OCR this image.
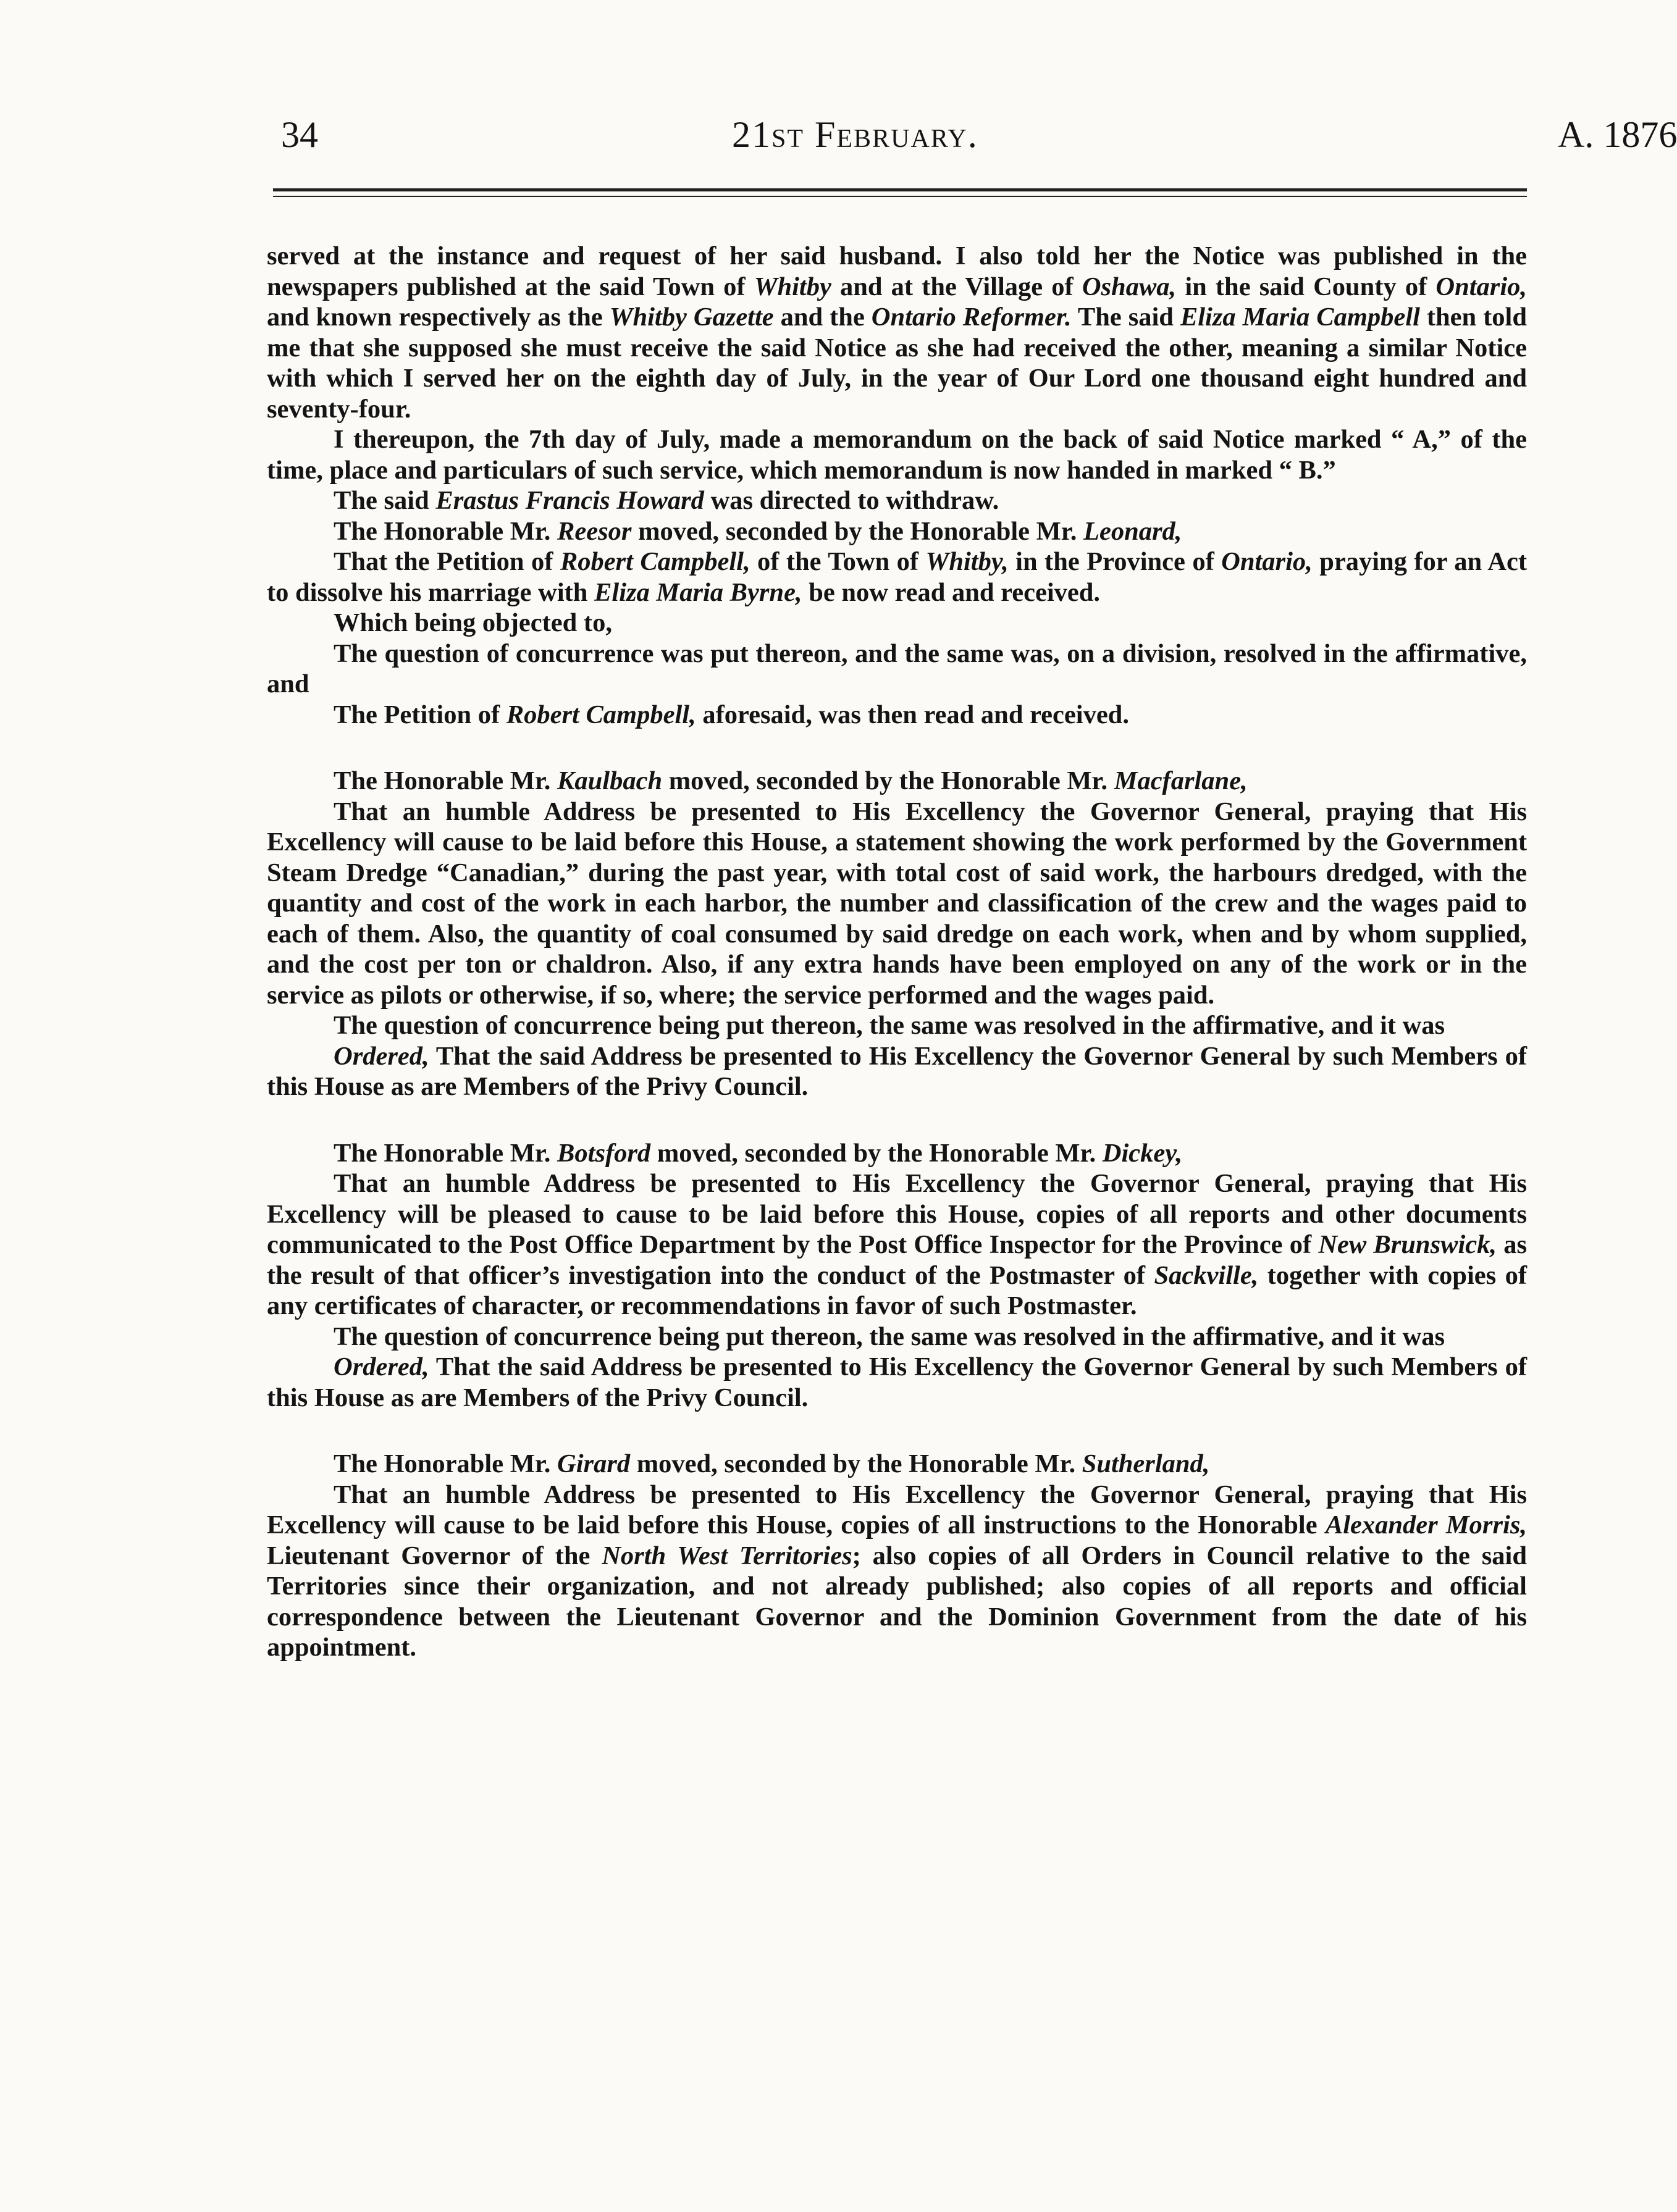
34	21st February.	A. 1876

served at the instance and request of her said husband. I also told her the Notice was published in the newspapers published at the said Town of Whitby and at the Village of Oshawa, in the said County of Ontario, and known respectively as the Whitby Gazette and the Ontario Reformer. The said Eliza Maria Campbell then told me that she supposed she must receive the said Notice as she had received the other, meaning a similar Notice with which I served her on the eighth day of July, in the year of Our Lord one thousand eight hundred and seventy-four.

I thereupon, the 7th day of July, made a memorandum on the back of said Notice marked “ A,” of the time, place and particulars of such service, which memorandum is now handed in marked “ B.”

The said Erastus Francis Howard was directed to withdraw.

The Honorable Mr. Reesor moved, seconded by the Honorable Mr. Leonard,

That the Petition of Robert Campbell, of the Town of Whitby, in the Province of Ontario, praying for an Act to dissolve his marriage with Eliza Maria Byrne, be now read and received.

Which being objected to,

The question of concurrence was put thereon, and the same was, on a division, resolved in the affirmative, and

The Petition of Robert Campbell, aforesaid, was then read and received.

The Honorable Mr. Kaulbach moved, seconded by the Honorable Mr. Macfarlane,

That an humble Address be presented to His Excellency the Governor General, praying that His Excellency will cause to be laid before this House, a statement showing the work performed by the Government Steam Dredge “Canadian,” during the past year, with total cost of said work, the harbours dredged, with the quantity and cost of the work in each harbor, the number and classification of the crew and the wages paid to each of them. Also, the quantity of coal consumed by said dredge on each work, when and by whom supplied, and the cost per ton or chaldron. Also, if any extra hands have been employed on any of the work or in the service as pilots or otherwise, if so, where; the service performed and the wages paid.

The question of concurrence being put thereon, the same was resolved in the affirmative, and it was

Ordered, That the said Address be presented to His Excellency the Governor General by such Members of this House as are Members of the Privy Council.

The Honorable Mr. Botsford moved, seconded by the Honorable Mr. Dickey,

That an humble Address be presented to His Excellency the Governor General, praying that His Excellency will be pleased to cause to be laid before this House, copies of all reports and other documents communicated to the Post Office Department by the Post Office Inspector for the Province of New Brunswick, as the result of that officer’s investigation into the conduct of the Postmaster of Sackville, together with copies of any certificates of character, or recommendations in favor of such Postmaster.

The question of concurrence being put thereon, the same was resolved in the affirmative, and it was

Ordered, That the said Address be presented to His Excellency the Governor General by such Members of this House as are Members of the Privy Council.

The Honorable Mr. Girard moved, seconded by the Honorable Mr. Sutherland,

That an humble Address be presented to His Excellency the Governor General, praying that His Excellency will cause to be laid before this House, copies of all instructions to the Honorable Alexander Morris, Lieutenant Governor of the North West Territories; also copies of all Orders in Council relative to the said Territories since their organization, and not already published; also copies of all reports and official correspondence between the Lieutenant Governor and the Dominion Government from the date of his appointment.
